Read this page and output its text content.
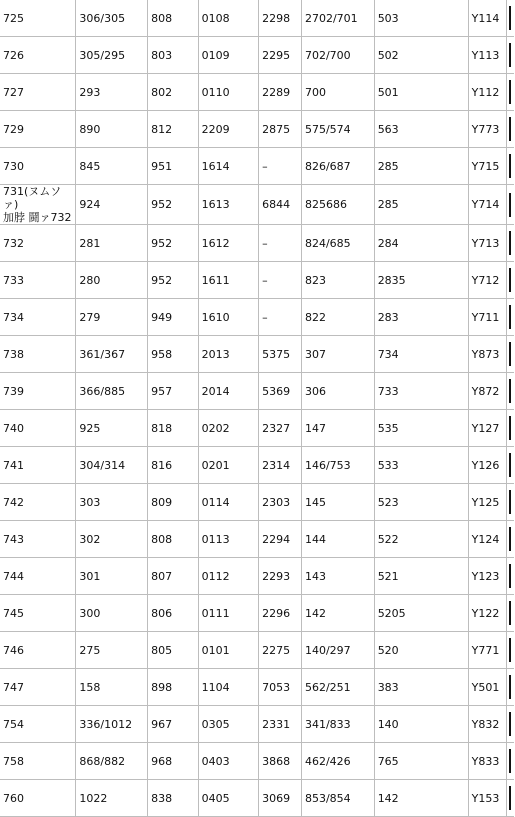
725	306/305	808	0108	2298	2702/701	503	Y114	

726	305/295	803	0109	2295	702/700	502	Y113	

727	293	802	0110	2289	700	501	Y112	

729	890	812	2209	2875	575/574	563	Y773	

730	845	951	1614	–	826/687	285	Y715	

731(ヌムソァ)
加脖 鬪ァ732	924	952	1613	6844	825686	285	Y714	

732	281	952	1612	–	824/685	284	Y713	

733	280	952	1611	–	823	2835	Y712	

734	279	949	1610	–	822	283	Y711	

738	361/367	958	2013	5375	307	734	Y873	

739	366/885	957	2014	5369	306	733	Y872	

740	925	818	0202	2327	147	535	Y127	

741	304/314	816	0201	2314	146/753	533	Y126	

742	303	809	0114	2303	145	523	Y125	

743	302	808	0113	2294	144	522	Y124	

744	301	807	0112	2293	143	521	Y123	

745	300	806	0111	2296	142	5205	Y122	

746	275	805	0101	2275	140/297	520	Y771	

747	158	898	1104	7053	562/251	383	Y501	

754	336/1012	967	0305	2331	341/833	140	Y832	

758	868/882	968	0403	3868	462/426	765	Y833	

760	1022	838	0405	3069	853/854	142	Y153	
